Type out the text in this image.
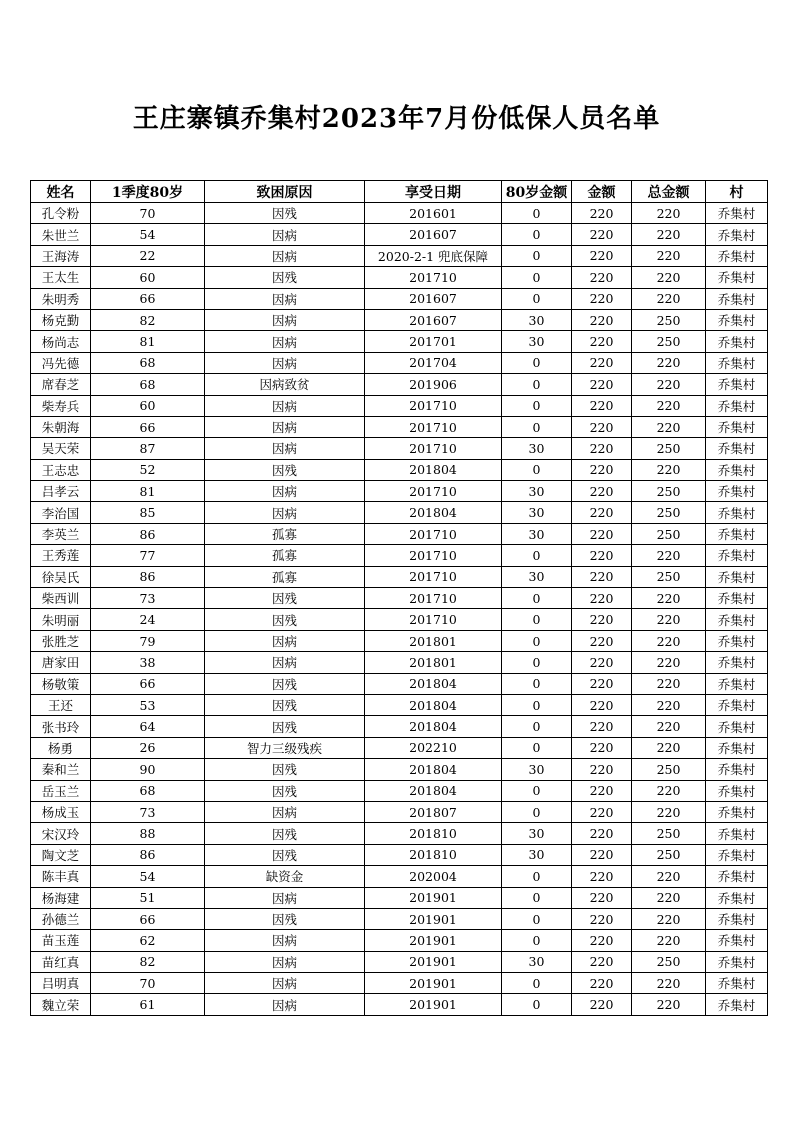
王庄寨镇乔集村2023年7月份低保人员名单
姓名	1季度80岁	致困原因	享受日期	80岁金额	金额	总金额	村
孔令粉	70	因残	201601	0	220	220	乔集村
朱世兰	54	因病	201607	0	220	220	乔集村
王海涛	22	因病	2020-2-1 兜底保障	0	220	220	乔集村
王太生	60	因残	201710	0	220	220	乔集村
朱明秀	66	因病	201607	0	220	220	乔集村
杨克勤	82	因病	201607	30	220	250	乔集村
杨尚志	81	因病	201701	30	220	250	乔集村
冯先德	68	因病	201704	0	220	220	乔集村
席春芝	68	因病致贫	201906	0	220	220	乔集村
柴寿兵	60	因病	201710	0	220	220	乔集村
朱朝海	66	因病	201710	0	220	220	乔集村
吴天荣	87	因病	201710	30	220	250	乔集村
王志忠	52	因残	201804	0	220	220	乔集村
吕孝云	81	因病	201710	30	220	250	乔集村
李治国	85	因病	201804	30	220	250	乔集村
李英兰	86	孤寡	201710	30	220	250	乔集村
王秀莲	77	孤寡	201710	0	220	220	乔集村
徐吴氏	86	孤寡	201710	30	220	250	乔集村
柴西训	73	因残	201710	0	220	220	乔集村
朱明丽	24	因残	201710	0	220	220	乔集村
张胜芝	79	因病	201801	0	220	220	乔集村
唐家田	38	因病	201801	0	220	220	乔集村
杨敬策	66	因残	201804	0	220	220	乔集村
王还	53	因残	201804	0	220	220	乔集村
张书玲	64	因残	201804	0	220	220	乔集村
杨勇	26	智力三级残疾	202210	0	220	220	乔集村
秦和兰	90	因残	201804	30	220	250	乔集村
岳玉兰	68	因残	201804	0	220	220	乔集村
杨成玉	73	因病	201807	0	220	220	乔集村
宋汉玲	88	因残	201810	30	220	250	乔集村
陶文芝	86	因残	201810	30	220	250	乔集村
陈丰真	54	缺资金	202004	0	220	220	乔集村
杨海建	51	因病	201901	0	220	220	乔集村
孙德兰	66	因残	201901	0	220	220	乔集村
苗玉莲	62	因病	201901	0	220	220	乔集村
苗红真	82	因病	201901	30	220	250	乔集村
吕明真	70	因病	201901	0	220	220	乔集村
魏立荣	61	因病	201901	0	220	220	乔集村
